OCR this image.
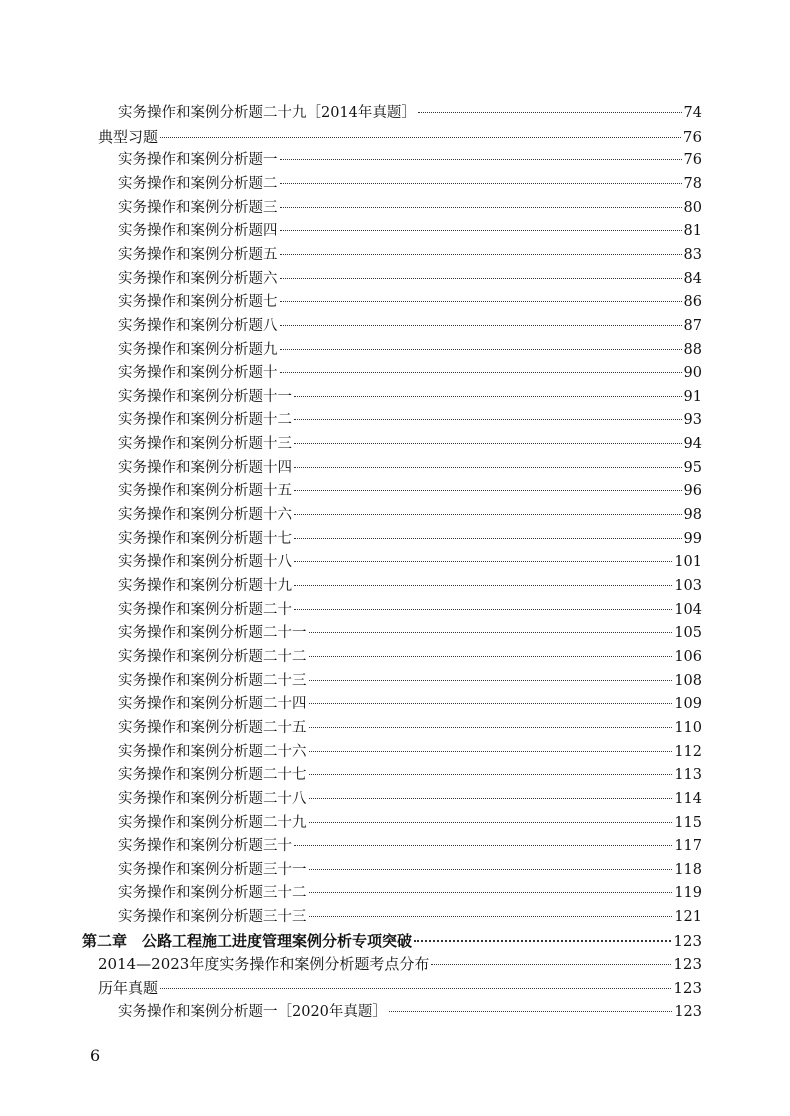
实务操作和案例分析题二十九［2014年真题］	74
典型习题	76
实务操作和案例分析题一	76
实务操作和案例分析题二	78
实务操作和案例分析题三	80
实务操作和案例分析题四	81
实务操作和案例分析题五	83
实务操作和案例分析题六	84
实务操作和案例分析题七	86
实务操作和案例分析题八	87
实务操作和案例分析题九	88
实务操作和案例分析题十	90
实务操作和案例分析题十一	91
实务操作和案例分析题十二	93
实务操作和案例分析题十三	94
实务操作和案例分析题十四	95
实务操作和案例分析题十五	96
实务操作和案例分析题十六	98
实务操作和案例分析题十七	99
实务操作和案例分析题十八	101
实务操作和案例分析题十九	103
实务操作和案例分析题二十	104
实务操作和案例分析题二十一	105
实务操作和案例分析题二十二	106
实务操作和案例分析题二十三	108
实务操作和案例分析题二十四	109
实务操作和案例分析题二十五	110
实务操作和案例分析题二十六	112
实务操作和案例分析题二十七	113
实务操作和案例分析题二十八	114
实务操作和案例分析题二十九	115
实务操作和案例分析题三十	117
实务操作和案例分析题三十一	118
实务操作和案例分析题三十二	119
实务操作和案例分析题三十三	121
第二章　公路工程施工进度管理案例分析专项突破	123
2014—2023年度实务操作和案例分析题考点分布	123
历年真题	123
实务操作和案例分析题一［2020年真题］	123
6
